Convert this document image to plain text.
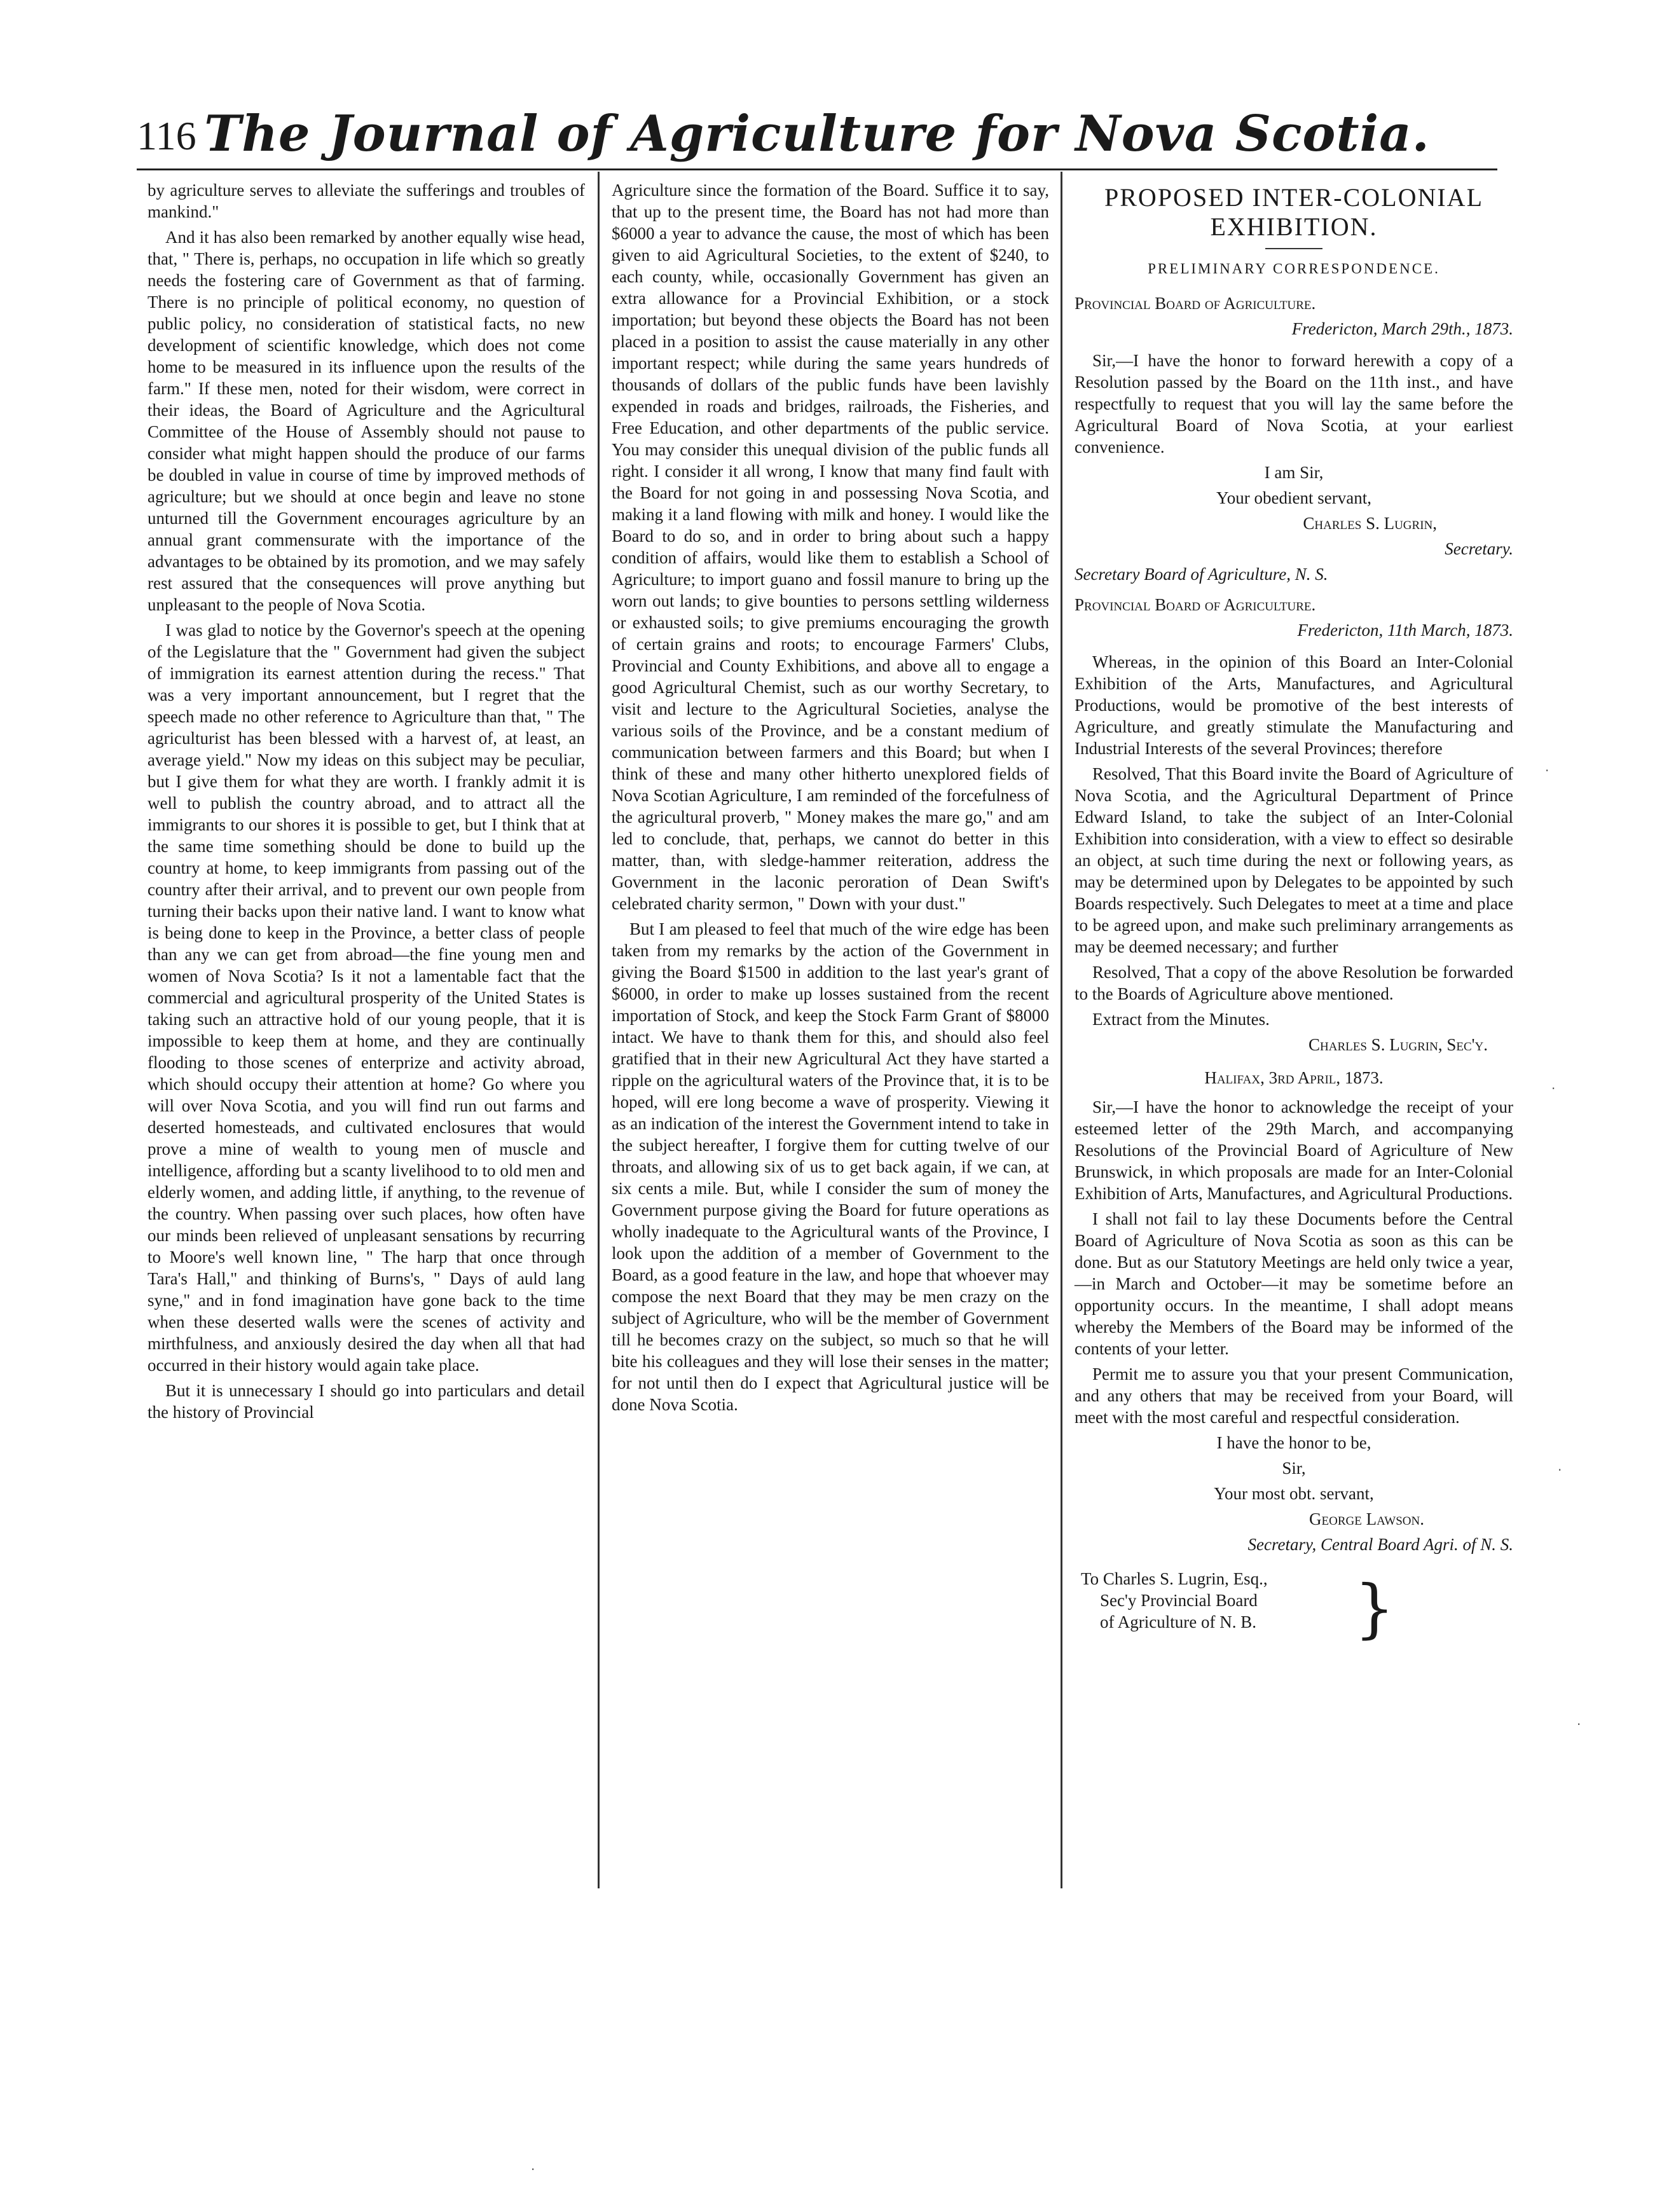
116 The Journal of Agriculture for Nova Scotia.

by agriculture serves to alleviate the sufferings and troubles of mankind."

And it has also been remarked by another equally wise head, that, " There is, perhaps, no occupation in life which so greatly needs the fostering care of Government as that of farming. There is no principle of political economy, no question of public policy, no consideration of statistical facts, no new development of scientific knowledge, which does not come home to be measured in its influence upon the results of the farm." If these men, noted for their wisdom, were correct in their ideas, the Board of Agriculture and the Agricultural Committee of the House of Assembly should not pause to consider what might happen should the produce of our farms be doubled in value in course of time by improved methods of agriculture; but we should at once begin and leave no stone unturned till the Government encourages agriculture by an annual grant commensurate with the importance of the advantages to be obtained by its promotion, and we may safely rest assured that the consequences will prove anything but unpleasant to the people of Nova Scotia.

I was glad to notice by the Governor's speech at the opening of the Legislature that the " Government had given the subject of immigration its earnest attention during the recess." That was a very important announcement, but I regret that the speech made no other reference to Agriculture than that, " The agriculturist has been blessed with a harvest of, at least, an average yield." Now my ideas on this subject may be peculiar, but I give them for what they are worth. I frankly admit it is well to publish the country abroad, and to attract all the immigrants to our shores it is possible to get, but I think that at the same time something should be done to build up the country at home, to keep immigrants from passing out of the country after their arrival, and to prevent our own people from turning their backs upon their native land. I want to know what is being done to keep in the Province, a better class of people than any we can get from abroad—the fine young men and women of Nova Scotia? Is it not a lamentable fact that the commercial and agricultural prosperity of the United States is taking such an attractive hold of our young people, that it is impossible to keep them at home, and they are continually flooding to those scenes of enterprize and activity abroad, which should occupy their attention at home? Go where you will over Nova Scotia, and you will find run out farms and deserted homesteads, and cultivated enclosures that would prove a mine of wealth to young men of muscle and intelligence, affording but a scanty livelihood to to old men and elderly women, and adding little, if anything, to the revenue of the country. When passing over such places, how often have our minds been relieved of unpleasant sensations by recurring to Moore's well known line, " The harp that once through Tara's Hall," and thinking of Burns's, " Days of auld lang syne," and in fond imagination have gone back to the time when these deserted walls were the scenes of activity and mirthfulness, and anxiously desired the day when all that had occurred in their history would again take place.

But it is unnecessary I should go into particulars and detail the history of Provincial

Agriculture since the formation of the Board. Suffice it to say, that up to the present time, the Board has not had more than $6000 a year to advance the cause, the most of which has been given to aid Agricultural Societies, to the extent of $240, to each county, while, occasionally Government has given an extra allowance for a Provincial Exhibition, or a stock importation; but beyond these objects the Board has not been placed in a position to assist the cause materially in any other important respect; while during the same years hundreds of thousands of dollars of the public funds have been lavishly expended in roads and bridges, railroads, the Fisheries, and Free Education, and other departments of the public service. You may consider this unequal division of the public funds all right. I consider it all wrong, I know that many find fault with the Board for not going in and possessing Nova Scotia, and making it a land flowing with milk and honey. I would like the Board to do so, and in order to bring about such a happy condition of affairs, would like them to establish a School of Agriculture; to import guano and fossil manure to bring up the worn out lands; to give bounties to persons settling wilderness or exhausted soils; to give premiums encouraging the growth of certain grains and roots; to encourage Farmers' Clubs, Provincial and County Exhibitions, and above all to engage a good Agricultural Chemist, such as our worthy Secretary, to visit and lecture to the Agricultural Societies, analyse the various soils of the Province, and be a constant medium of communication between farmers and this Board; but when I think of these and many other hitherto unexplored fields of Nova Scotian Agriculture, I am reminded of the forcefulness of the agricultural proverb, " Money makes the mare go," and am led to conclude, that, perhaps, we cannot do better in this matter, than, with sledge-hammer reiteration, address the Government in the laconic peroration of Dean Swift's celebrated charity sermon, " Down with your dust."

But I am pleased to feel that much of the wire edge has been taken from my remarks by the action of the Government in giving the Board $1500 in addition to the last year's grant of $6000, in order to make up losses sustained from the recent importation of Stock, and keep the Stock Farm Grant of $8000 intact. We have to thank them for this, and should also feel gratified that in their new Agricultural Act they have started a ripple on the agricultural waters of the Province that, it is to be hoped, will ere long become a wave of prosperity. Viewing it as an indication of the interest the Government intend to take in the subject hereafter, I forgive them for cutting twelve of our throats, and allowing six of us to get back again, if we can, at six cents a mile. But, while I consider the sum of money the Government purpose giving the Board for future operations as wholly inadequate to the Agricultural wants of the Province, I look upon the addition of a member of Government to the Board, as a good feature in the law, and hope that whoever may compose the next Board that they may be men crazy on the subject of Agriculture, who will be the member of Government till he becomes crazy on the subject, so much so that he will bite his colleagues and they will lose their senses in the matter; for not until then do I expect that Agricultural justice will be done Nova Scotia.

PROPOSED INTER-COLONIAL EXHIBITION.
PRELIMINARY CORRESPONDENCE.

Provincial Board of Agriculture.

Fredericton, March 29th., 1873.

Sir,—I have the honor to forward herewith a copy of a Resolution passed by the Board on the 11th inst., and have respectfully to request that you will lay the same before the Agricultural Board of Nova Scotia, at your earliest convenience.

I am Sir,

Your obedient servant,

Charles S. Lugrin,

Secretary.

Secretary Board of Agriculture, N. S.

Provincial Board of Agriculture.

Fredericton, 11th March, 1873.

Whereas, in the opinion of this Board an Inter-Colonial Exhibition of the Arts, Manufactures, and Agricultural Productions, would be promotive of the best interests of Agriculture, and greatly stimulate the Manufacturing and Industrial Interests of the several Provinces; therefore

Resolved, That this Board invite the Board of Agriculture of Nova Scotia, and the Agricultural Department of Prince Edward Island, to take the subject of an Inter-Colonial Exhibition into consideration, with a view to effect so desirable an object, at such time during the next or following years, as may be determined upon by Delegates to be appointed by such Boards respectively. Such Delegates to meet at a time and place to be agreed upon, and make such preliminary arrangements as may be deemed necessary; and further

Resolved, That a copy of the above Resolution be forwarded to the Boards of Agriculture above mentioned.

Extract from the Minutes.

Charles S. Lugrin, Sec'y.

Halifax, 3rd April, 1873.

Sir,—I have the honor to acknowledge the receipt of your esteemed letter of the 29th March, and accompanying Resolutions of the Provincial Board of Agriculture of New Brunswick, in which proposals are made for an Inter-Colonial Exhibition of Arts, Manufactures, and Agricultural Productions.

I shall not fail to lay these Documents before the Central Board of Agriculture of Nova Scotia as soon as this can be done. But as our Statutory Meetings are held only twice a year,—in March and October—it may be sometime before an opportunity occurs. In the meantime, I shall adopt means whereby the Members of the Board may be informed of the contents of your letter.

Permit me to assure you that your present Communication, and any others that may be received from your Board, will meet with the most careful and respectful consideration.

I have the honor to be,

Sir,

Your most obt. servant,

George Lawson.

Secretary, Central Board Agri. of N. S.

To Charles S. Lugrin, Esq.,
Sec'y Provincial Board
of Agriculture of N. B.	}
·
·
·
·
·
